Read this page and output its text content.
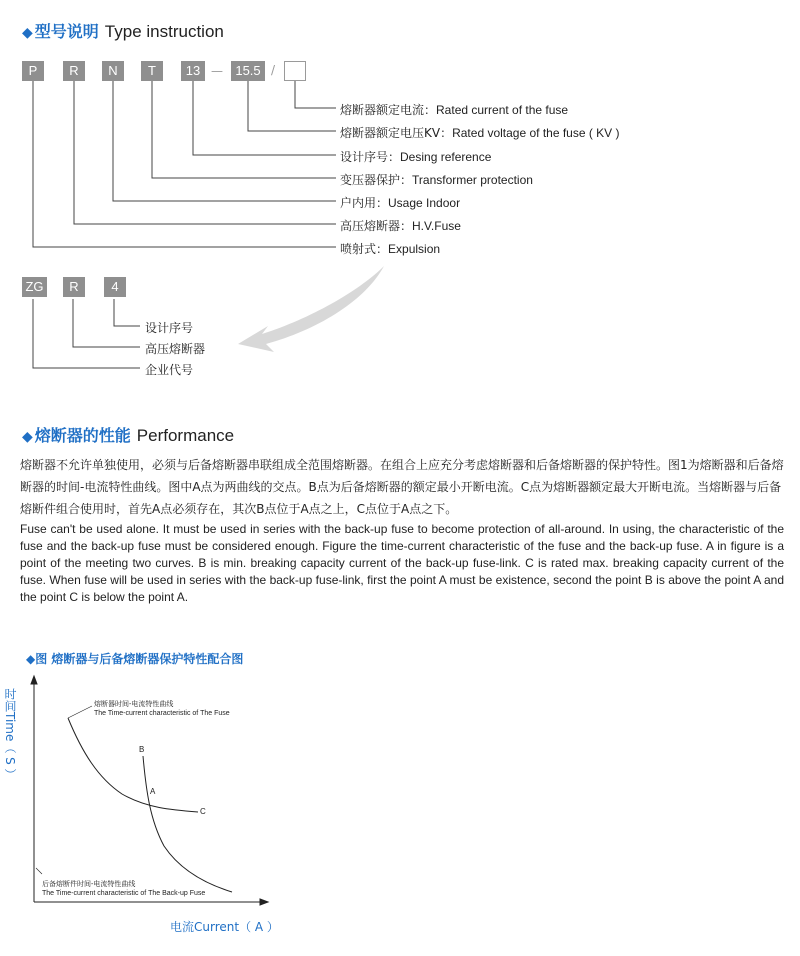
◆ 型号说明 Type instruction
P	R	N	T	13 — 15.5 /
熔断器额定电流：Rated current of the fuse
熔断器额定电压KV：Rated voltage of the fuse ( KV )
设计序号：Desing reference
变压器保护：Transformer protection
户内用：Usage Indoor
高压熔断器：H.V.Fuse
喷射式：Expulsion
ZG	R	4
设计序号
高压熔断器
企业代号
◆ 熔断器的性能 Performance
熔断器不允许单独使用，必须与后备熔断器串联组成全范围熔断器。在组合上应充分考虑熔断器和后备熔断器的保护特性。图1为熔断器和后备熔断器的时间-电流特性曲线。图中A点为两曲线的交点。B点为后备熔断器的额定最小开断电流。C点为熔断器额定最大开断电流。当熔断器与后备熔断件组合使用时，首先A点必须存在，其次B点位于A点之上，C点位于A点之下。
Fuse can't be used alone. It must be used in series with the back-up fuse to become protection of all-around. In using, the characteristic of the fuse and the back-up fuse must be considered enough. Figure the time-current characteristic of the fuse and the back-up fuse. A in figure is a point of the meeting two curves. B is min. breaking capacity current of the back-up fuse-link. C is rated max. breaking capacity current of the fuse. When fuse will be used in series with the back-up fuse-link, first the point A must be existence, second the point B is above the point A and the point C is below the point A.
◆图 熔断器与后备熔断器保护特性配合图
时间Time（ S ）
电流Current（ A ）
熔断器时间-电流特性曲线
The Time-current characteristic of The Fuse
后备熔断件时间-电流特性曲线
The Time-current characteristic of The Back-up Fuse
B
A
C
